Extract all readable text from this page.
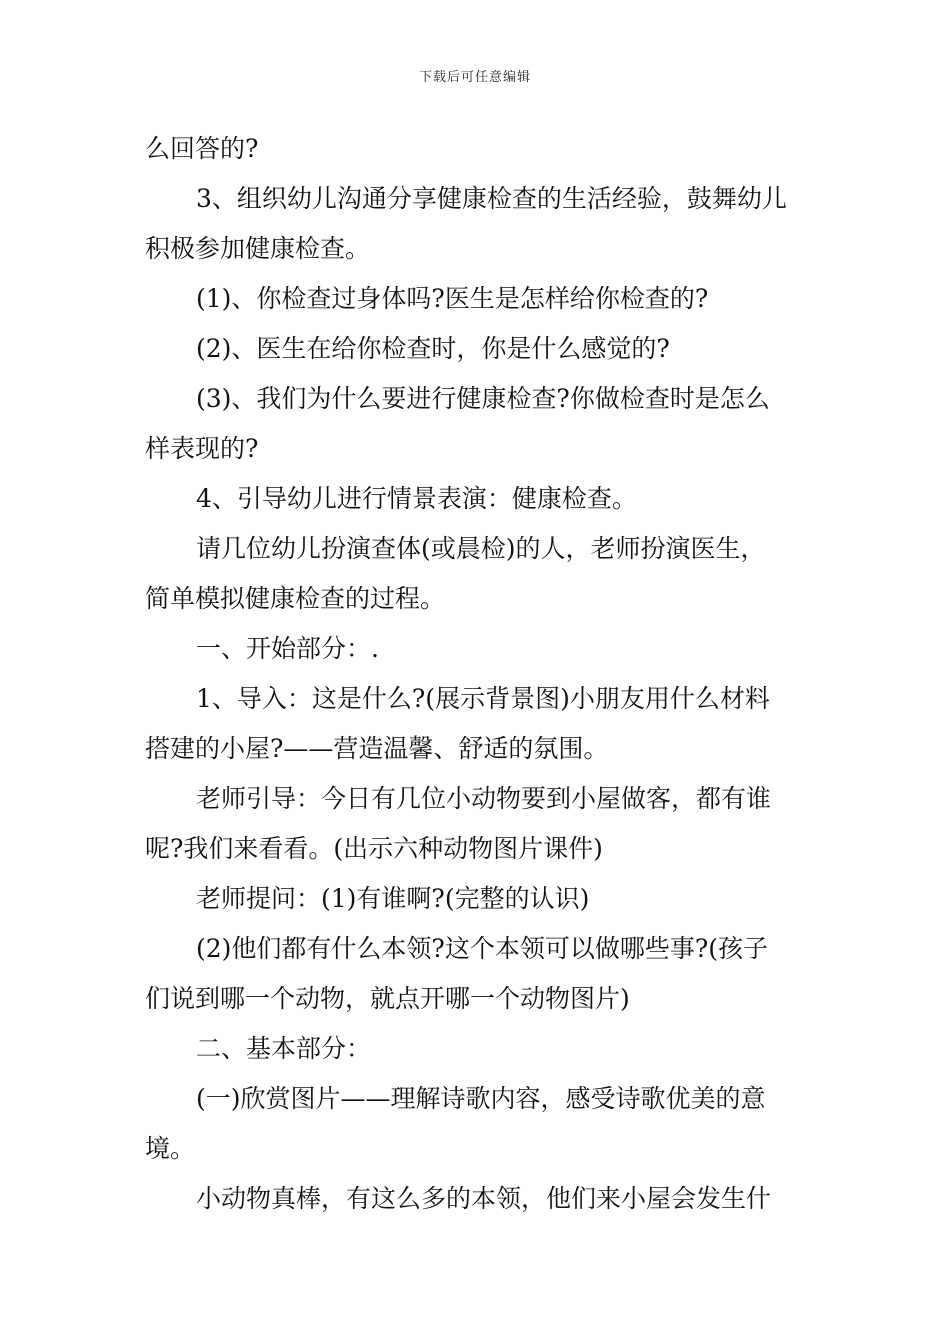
下载后可任意编辑
么回答的?
3、组织幼儿沟通分享健康检查的生活经验，鼓舞幼儿
积极参加健康检查。
(1)、你检查过身体吗?医生是怎样给你检查的?
(2)、医生在给你检查时，你是什么感觉的?
(3)、我们为什么要进行健康检查?你做检查时是怎么
样表现的?
4、引导幼儿进行情景表演：健康检查。
请几位幼儿扮演查体(或晨检)的人，老师扮演医生，
简单模拟健康检查的过程。
一、开始部分：.
1、导入：这是什么?(展示背景图)小朋友用什么材料
搭建的小屋?——营造温馨、舒适的氛围。
老师引导：今日有几位小动物要到小屋做客，都有谁
呢?我们来看看。(出示六种动物图片课件)
老师提问：(1)有谁啊?(完整的认识)
(2)他们都有什么本领?这个本领可以做哪些事?(孩子
们说到哪一个动物，就点开哪一个动物图片)
二、基本部分：
(一)欣赏图片——理解诗歌内容，感受诗歌优美的意
境。
小动物真棒，有这么多的本领，他们来小屋会发生什
